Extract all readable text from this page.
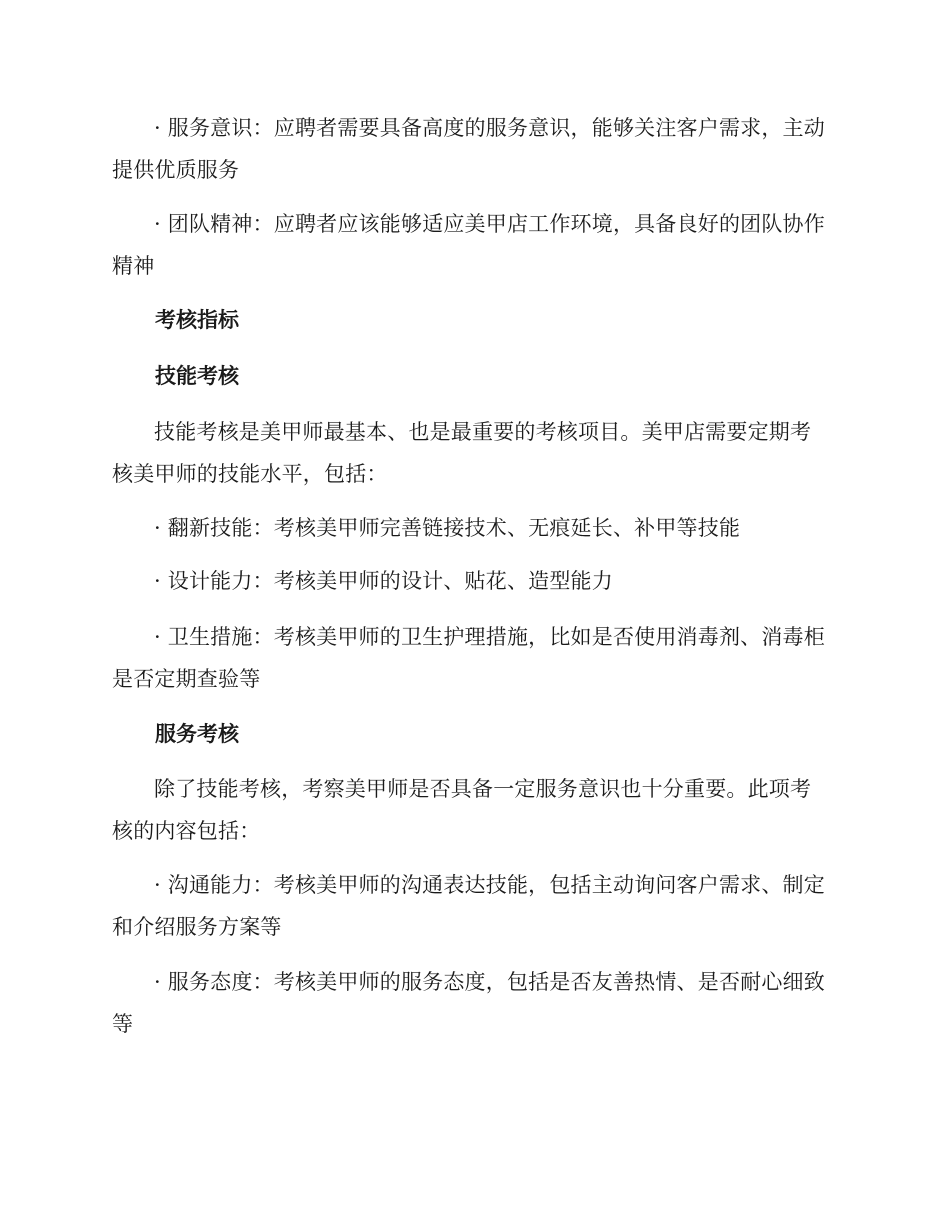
· 服务意识：应聘者需要具备高度的服务意识，能够关注客户需求，主动提供优质服务

· 团队精神：应聘者应该能够适应美甲店工作环境，具备良好的团队协作精神

考核指标

技能考核

技能考核是美甲师最基本、也是最重要的考核项目。美甲店需要定期考核美甲师的技能水平，包括：

· 翻新技能：考核美甲师完善链接技术、无痕延长、补甲等技能

· 设计能力：考核美甲师的设计、贴花、造型能力

· 卫生措施：考核美甲师的卫生护理措施，比如是否使用消毒剂、消毒柜是否定期查验等

服务考核

除了技能考核，考察美甲师是否具备一定服务意识也十分重要。此项考核的内容包括：

· 沟通能力：考核美甲师的沟通表达技能，包括主动询问客户需求、制定和介绍服务方案等

· 服务态度：考核美甲师的服务态度，包括是否友善热情、是否耐心细致等
